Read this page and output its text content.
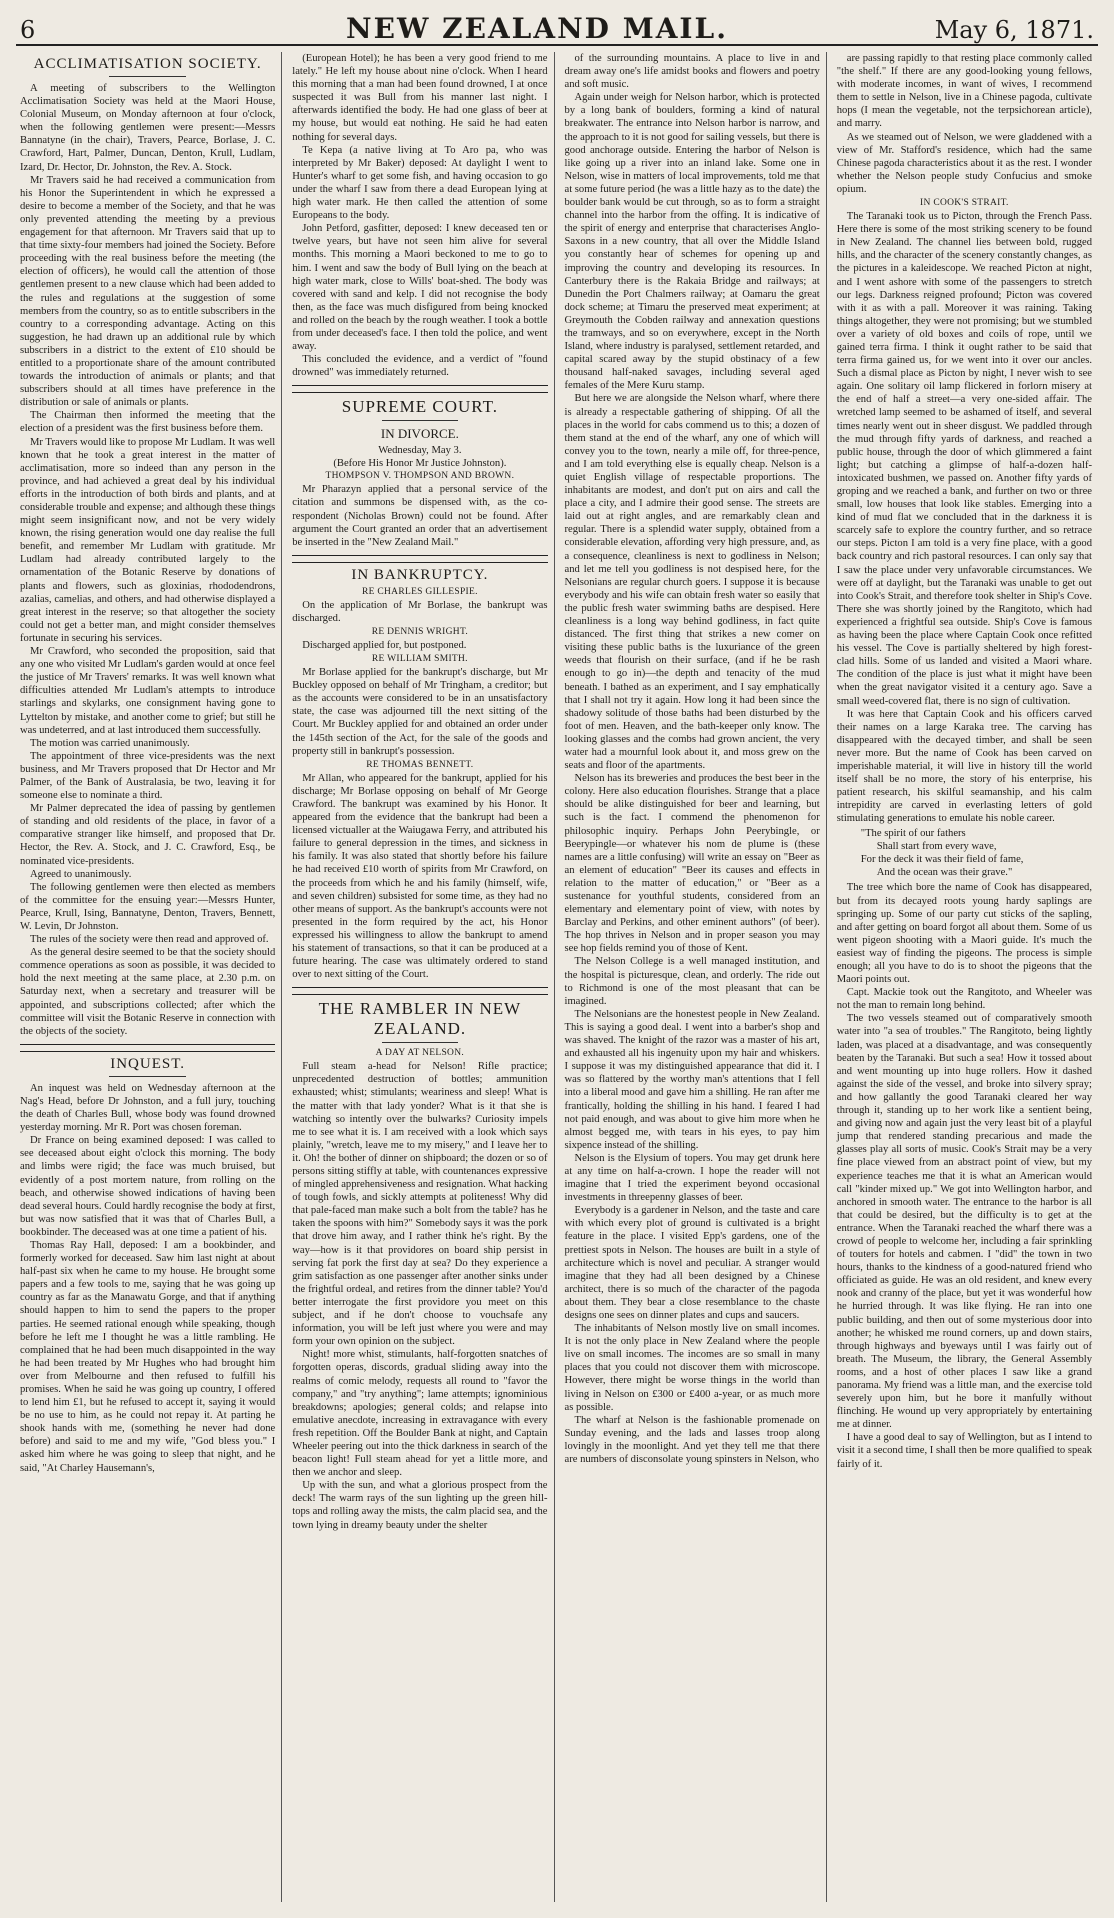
6	NEW ZEALAND MAIL.	May 6, 1871.
ACCLIMATISATION SOCIETY.

A meeting of subscribers to the Wellington Acclimatisation Society was held at the Maori House, Colonial Museum, on Monday afternoon at four o'clock, when the following gentlemen were present:—Messrs Bannatyne (in the chair), Travers, Pearce, Borlase, J. C. Crawford, Hart, Palmer, Duncan, Denton, Krull, Ludlam, Izard, Dr. Hector, Dr. Johnston, the Rev. A. Stock.

Mr Travers said he had received a communication from his Honor the Superintendent in which he expressed a desire to become a member of the Society, and that he was only prevented attending the meeting by a previous engagement for that afternoon. Mr Travers said that up to that time sixty-four members had joined the Society. Before proceeding with the real business before the meeting (the election of officers), he would call the attention of those gentlemen present to a new clause which had been added to the rules and regulations at the suggestion of some members from the country, so as to entitle subscribers in the country to a corresponding advantage. Acting on this suggestion, he had drawn up an additional rule by which subscribers in a district to the extent of £10 should be entitled to a proportionate share of the amount contributed towards the introduction of animals or plants; and that subscribers should at all times have preference in the distribution or sale of animals or plants.

The Chairman then informed the meeting that the election of a president was the first business before them.

Mr Travers would like to propose Mr Ludlam. It was well known that he took a great interest in the matter of acclimatisation, more so indeed than any person in the province, and had achieved a great deal by his individual efforts in the introduction of both birds and plants, and at considerable trouble and expense; and although these things might seem insignificant now, and not be very widely known, the rising generation would one day realise the full benefit, and remember Mr Ludlam with gratitude. Mr Ludlam had already contributed largely to the ornamentation of the Botanic Reserve by donations of plants and flowers, such as gloxinias, rhododendrons, azalias, camelias, and others, and had otherwise displayed a great interest in the reserve; so that altogether the society could not get a better man, and might consider themselves fortunate in securing his services.

Mr Crawford, who seconded the proposition, said that any one who visited Mr Ludlam's garden would at once feel the justice of Mr Travers' remarks. It was well known what difficulties attended Mr Ludlam's attempts to introduce starlings and skylarks, one consignment having gone to Lyttelton by mistake, and another come to grief; but still he was undeterred, and at last introduced them successfully.

The motion was carried unanimously.

The appointment of three vice-presidents was the next business, and Mr Travers proposed that Dr Hector and Mr Palmer, of the Bank of Australasia, be two, leaving it for someone else to nominate a third.

Mr Palmer deprecated the idea of passing by gentlemen of standing and old residents of the place, in favor of a comparative stranger like himself, and proposed that Dr. Hector, the Rev. A. Stock, and J. C. Crawford, Esq., be nominated vice-presidents.

Agreed to unanimously.

The following gentlemen were then elected as members of the committee for the ensuing year:—Messrs Hunter, Pearce, Krull, Ising, Bannatyne, Denton, Travers, Bennett, W. Levin, Dr Johnston.

The rules of the society were then read and approved of.

As the general desire seemed to be that the society should commence operations as soon as possible, it was decided to hold the next meeting at the same place, at 2.30 p.m. on Saturday next, when a secretary and treasurer will be appointed, and subscriptions collected; after which the committee will visit the Botanic Reserve in connection with the objects of the society.

INQUEST.

An inquest was held on Wednesday afternoon at the Nag's Head, before Dr Johnston, and a full jury, touching the death of Charles Bull, whose body was found drowned yesterday morning. Mr R. Port was chosen foreman.

Dr France on being examined deposed: I was called to see deceased about eight o'clock this morning. The body and limbs were rigid; the face was much bruised, but evidently of a post mortem nature, from rolling on the beach, and otherwise showed indications of having been dead several hours. Could hardly recognise the body at first, but was now satisfied that it was that of Charles Bull, a bookbinder. The deceased was at one time a patient of his.

Thomas Ray Hall, deposed: I am a bookbinder, and formerly worked for deceased. Saw him last night at about half-past six when he came to my house. He brought some papers and a few tools to me, saying that he was going up country as far as the Manawatu Gorge, and that if anything should happen to him to send the papers to the proper parties. He seemed rational enough while speaking, though before he left me I thought he was a little rambling. He complained that he had been much disappointed in the way he had been treated by Mr Hughes who had brought him over from Melbourne and then refused to fulfill his promises. When he said he was going up country, I offered to lend him £1, but he refused to accept it, saying it would be no use to him, as he could not repay it. At parting he shook hands with me, (something he never had done before) and said to me and my wife, "God bless you." I asked him where he was going to sleep that night, and he said, "At Charley Hausemann's,

(European Hotel); he has been a very good friend to me lately." He left my house about nine o'clock. When I heard this morning that a man had been found drowned, I at once suspected it was Bull from his manner last night. I afterwards identified the body. He had one glass of beer at my house, but would eat nothing. He said he had eaten nothing for several days.

Te Kepa (a native living at To Aro pa, who was interpreted by Mr Baker) deposed: At daylight I went to Hunter's wharf to get some fish, and having occasion to go under the wharf I saw from there a dead European lying at high water mark. He then called the attention of some Europeans to the body.

John Petford, gasfitter, deposed: I knew deceased ten or twelve years, but have not seen him alive for several months. This morning a Maori beckoned to me to go to him. I went and saw the body of Bull lying on the beach at high water mark, close to Wills' boat-shed. The body was covered with sand and kelp. I did not recognise the body then, as the face was much disfigured from being knocked and rolled on the beach by the rough weather. I took a bottle from under deceased's face. I then told the police, and went away.

This concluded the evidence, and a verdict of "found drowned" was immediately returned.

SUPREME COURT.
IN DIVORCE.
Wednesday, May 3.
(Before His Honor Mr Justice Johnston).
THOMPSON V. THOMPSON AND BROWN.

Mr Pharazyn applied that a personal service of the citation and summons be dispensed with, as the co-respondent (Nicholas Brown) could not be found. After argument the Court granted an order that an advertisement be inserted in the "New Zealand Mail."

IN BANKRUPTCY.
RE CHARLES GILLESPIE.

On the application of Mr Borlase, the bankrupt was discharged.

RE DENNIS WRIGHT.

Discharged applied for, but postponed.

RE WILLIAM SMITH.

Mr Borlase applied for the bankrupt's discharge, but Mr Buckley opposed on behalf of Mr Tringham, a creditor; but as the accounts were considered to be in an unsatisfactory state, the case was adjourned till the next sitting of the Court. Mr Buckley applied for and obtained an order under the 145th section of the Act, for the sale of the goods and property still in bankrupt's possession.

RE THOMAS BENNETT.

Mr Allan, who appeared for the bankrupt, applied for his discharge; Mr Borlase opposing on behalf of Mr George Crawford. The bankrupt was examined by his Honor. It appeared from the evidence that the bankrupt had been a licensed victualler at the Waiugawa Ferry, and attributed his failure to general depression in the times, and sickness in his family. It was also stated that shortly before his failure he had received £10 worth of spirits from Mr Crawford, on the proceeds from which he and his family (himself, wife, and seven children) subsisted for some time, as they had no other means of support. As the bankrupt's accounts were not presented in the form required by the act, his Honor expressed his willingness to allow the bankrupt to amend his statement of transactions, so that it can be produced at a future hearing. The case was ultimately ordered to stand over to next sitting of the Court.

THE RAMBLER IN NEW ZEALAND.
A DAY AT NELSON.

Full steam a-head for Nelson! Rifle practice; unprecedented destruction of bottles; ammunition exhausted; whist; stimulants; weariness and sleep! What is the matter with that lady yonder? What is it that she is watching so intently over the bulwarks? Curiosity impels me to see what it is. I am received with a look which says plainly, "wretch, leave me to my misery," and I leave her to it. Oh! the bother of dinner on shipboard; the dozen or so of persons sitting stiffly at table, with countenances expressive of mingled apprehensiveness and resignation. What hacking of tough fowls, and sickly attempts at politeness! Why did that pale-faced man make such a bolt from the table? has he taken the spoons with him?" Somebody says it was the pork that drove him away, and I rather think he's right. By the way—how is it that providores on board ship persist in serving fat pork the first day at sea? Do they experience a grim satisfaction as one passenger after another sinks under the frightful ordeal, and retires from the dinner table? You'd better interrogate the first providore you meet on this subject, and if he don't choose to vouchsafe any information, you will be left just where you were and may form your own opinion on the subject.

Night! more whist, stimulants, half-forgotten snatches of forgotten operas, discords, gradual sliding away into the realms of comic melody, requests all round to "favor the company," and "try anything"; lame attempts; ignominious breakdowns; apologies; general colds; and relapse into emulative anecdote, increasing in extravagance with every fresh repetition. Off the Boulder Bank at night, and Captain Wheeler peering out into the thick darkness in search of the beacon light! Full steam ahead for yet a little more, and then we anchor and sleep.

Up with the sun, and what a glorious prospect from the deck! The warm rays of the sun lighting up the green hill-tops and rolling away the mists, the calm placid sea, and the town lying in dreamy beauty under the shelter

of the surrounding mountains. A place to live in and dream away one's life amidst books and flowers and poetry and soft music.

Again under weigh for Nelson harbor, which is protected by a long bank of boulders, forming a kind of natural breakwater. The entrance into Nelson harbor is narrow, and the approach to it is not good for sailing vessels, but there is good anchorage outside. Entering the harbor of Nelson is like going up a river into an inland lake. Some one in Nelson, wise in matters of local improvements, told me that at some future period (he was a little hazy as to the date) the boulder bank would be cut through, so as to form a straight channel into the harbor from the offing. It is indicative of the spirit of energy and enterprise that characterises Anglo-Saxons in a new country, that all over the Middle Island you constantly hear of schemes for opening up and improving the country and developing its resources. In Canterbury there is the Rakaia Bridge and railways; at Dunedin the Port Chalmers railway; at Oamaru the great dock scheme; at Timaru the preserved meat experiment; at Greymouth the Cobden railway and annexation questions the tramways, and so on everywhere, except in the North Island, where industry is paralysed, settlement retarded, and capital scared away by the stupid obstinacy of a few thousand half-naked savages, including several aged females of the Mere Kuru stamp.

But here we are alongside the Nelson wharf, where there is already a respectable gathering of shipping. Of all the places in the world for cabs commend us to this; a dozen of them stand at the end of the wharf, any one of which will convey you to the town, nearly a mile off, for three-pence, and I am told everything else is equally cheap. Nelson is a quiet English village of respectable proportions. The inhabitants are modest, and don't put on airs and call the place a city, and I admire their good sense. The streets are laid out at right angles, and are remarkably clean and regular. There is a splendid water supply, obtained from a considerable elevation, affording very high pressure, and, as a consequence, cleanliness is next to godliness in Nelson; and let me tell you godliness is not despised here, for the Nelsonians are regular church goers. I suppose it is because everybody and his wife can obtain fresh water so easily that the public fresh water swimming baths are despised. Here cleanliness is a long way behind godliness, in fact quite distanced. The first thing that strikes a new comer on visiting these public baths is the luxuriance of the green weeds that flourish on their surface, (and if he be rash enough to go in)—the depth and tenacity of the mud beneath. I bathed as an experiment, and I say emphatically that I shall not try it again. How long it had been since the shadowy solitude of those baths had been disturbed by the foot of men. Heaven, and the bath-keeper only know. The looking glasses and the combs had grown ancient, the very water had a mournful look about it, and moss grew on the seats and floor of the apartments.

Nelson has its breweries and produces the best beer in the colony. Here also education flourishes. Strange that a place should be alike distinguished for beer and learning, but such is the fact. I commend the phenomenon for philosophic inquiry. Perhaps John Peerybingle, or Beerypingle—or whatever his nom de plume is (these names are a little confusing) will write an essay on "Beer as an element of education" "Beer its causes and effects in relation to the matter of education," or "Beer as a sustenance for youthful students, considered from an elementary and elementary point of view, with notes by Barclay and Perkins, and other eminent authors" (of beer). The hop thrives in Nelson and in proper season you may see hop fields remind you of those of Kent.

The Nelson College is a well managed institution, and the hospital is picturesque, clean, and orderly. The ride out to Richmond is one of the most pleasant that can be imagined.

The Nelsonians are the honestest people in New Zealand. This is saying a good deal. I went into a barber's shop and was shaved. The knight of the razor was a master of his art, and exhausted all his ingenuity upon my hair and whiskers. I suppose it was my distinguished appearance that did it. I was so flattered by the worthy man's attentions that I fell into a liberal mood and gave him a shilling. He ran after me frantically, holding the shilling in his hand. I feared I had not paid enough, and was about to give him more when he almost begged me, with tears in his eyes, to pay him sixpence instead of the shilling.

Nelson is the Elysium of topers. You may get drunk here at any time on half-a-crown. I hope the reader will not imagine that I tried the experiment beyond occasional investments in threepenny glasses of beer.

Everybody is a gardener in Nelson, and the taste and care with which every plot of ground is cultivated is a bright feature in the place. I visited Epp's gardens, one of the prettiest spots in Nelson. The houses are built in a style of architecture which is novel and peculiar. A stranger would imagine that they had all been designed by a Chinese architect, there is so much of the character of the pagoda about them. They bear a close resemblance to the chaste designs one sees on dinner plates and cups and saucers.

The inhabitants of Nelson mostly live on small incomes. It is not the only place in New Zealand where the people live on small incomes. The incomes are so small in many places that you could not discover them with microscope. However, there might be worse things in the world than living in Nelson on £300 or £400 a-year, or as much more as possible.

The wharf at Nelson is the fashionable promenade on Sunday evening, and the lads and lasses troop along lovingly in the moonlight. And yet they tell me that there are numbers of disconsolate young spinsters in Nelson, who

are passing rapidly to that resting place commonly called "the shelf." If there are any good-looking young fellows, with moderate incomes, in want of wives, I recommend them to settle in Nelson, live in a Chinese pagoda, cultivate hops (I mean the vegetable, not the terpsichorean article), and marry.

As we steamed out of Nelson, we were gladdened with a view of Mr. Stafford's residence, which had the same Chinese pagoda characteristics about it as the rest. I wonder whether the Nelson people study Confucius and smoke opium.

IN COOK'S STRAIT.

The Taranaki took us to Picton, through the French Pass. Here there is some of the most striking scenery to be found in New Zealand. The channel lies between bold, rugged hills, and the character of the scenery constantly changes, as the pictures in a kaleidescope. We reached Picton at night, and I went ashore with some of the passengers to stretch our legs. Darkness reigned profound; Picton was covered with it as with a pall. Moreover it was raining. Taking things altogether, they were not promising; but we stumbled over a variety of old boxes and coils of rope, until we gained terra firma. I think it ought rather to be said that terra firma gained us, for we went into it over our ancles. Such a dismal place as Picton by night, I never wish to see again. One solitary oil lamp flickered in forlorn misery at the end of half a street—a very one-sided affair. The wretched lamp seemed to be ashamed of itself, and several times nearly went out in sheer disgust. We paddled through the mud through fifty yards of darkness, and reached a public house, through the door of which glimmered a faint light; but catching a glimpse of half-a-dozen half-intoxicated bushmen, we passed on. Another fifty yards of groping and we reached a bank, and further on two or three small, low houses that look like stables. Emerging into a kind of mud flat we concluded that in the darkness it is scarcely safe to explore the country further, and so retrace our steps. Picton I am told is a very fine place, with a good back country and rich pastoral resources. I can only say that I saw the place under very unfavorable circumstances. We were off at daylight, but the Taranaki was unable to get out into Cook's Strait, and therefore took shelter in Ship's Cove. There she was shortly joined by the Rangitoto, which had experienced a frightful sea outside. Ship's Cove is famous as having been the place where Captain Cook once refitted his vessel. The Cove is partially sheltered by high forest-clad hills. Some of us landed and visited a Maori whare. The condition of the place is just what it might have been when the great navigator visited it a century ago. Save a small weed-covered flat, there is no sign of cultivation.

It was here that Captain Cook and his officers carved their names on a large Karaka tree. The carving has disappeared with the decayed timber, and shall be seen never more. But the name of Cook has been carved on imperishable material, it will live in history till the world itself shall be no more, the story of his enterprise, his patient research, his skilful seamanship, and his calm intrepidity are carved in everlasting letters of gold stimulating generations to emulate his noble career.

"The spirit of our fathers
Shall start from every wave,
For the deck it was their field of fame,
And the ocean was their grave."

The tree which bore the name of Cook has disappeared, but from its decayed roots young hardy saplings are springing up. Some of our party cut sticks of the sapling, and after getting on board forgot all about them. Some of us went pigeon shooting with a Maori guide. It's much the easiest way of finding the pigeons. The process is simple enough; all you have to do is to shoot the pigeons that the Maori points out.

Capt. Mackie took out the Rangitoto, and Wheeler was not the man to remain long behind.

The two vessels steamed out of comparatively smooth water into "a sea of troubles." The Rangitoto, being lightly laden, was placed at a disadvantage, and was consequently beaten by the Taranaki. But such a sea! How it tossed about and went mounting up into huge rollers. How it dashed against the side of the vessel, and broke into silvery spray; and how gallantly the good Taranaki cleared her way through it, standing up to her work like a sentient being, and giving now and again just the very least bit of a playful jump that rendered standing precarious and made the glasses play all sorts of music. Cook's Strait may be a very fine place viewed from an abstract point of view, but my experience teaches me that it is what an American would call "kinder mixed up." We got into Wellington harbor, and anchored in smooth water. The entrance to the harbor is all that could be desired, but the difficulty is to get at the entrance. When the Taranaki reached the wharf there was a crowd of people to welcome her, including a fair sprinkling of touters for hotels and cabmen. I "did" the town in two hours, thanks to the kindness of a good-natured friend who officiated as guide. He was an old resident, and knew every nook and cranny of the place, but yet it was wonderful how he hurried through. It was like flying. He ran into one public building, and then out of some mysterious door into another; he whisked me round corners, up and down stairs, through highways and byeways until I was fairly out of breath. The Museum, the library, the General Assembly rooms, and a host of other places I saw like a grand panorama. My friend was a little man, and the exercise told severely upon him, but he bore it manfully without flinching. He wound up very appropriately by entertaining me at dinner.

I have a good deal to say of Wellington, but as I intend to visit it a second time, I shall then be more qualified to speak fairly of it.
